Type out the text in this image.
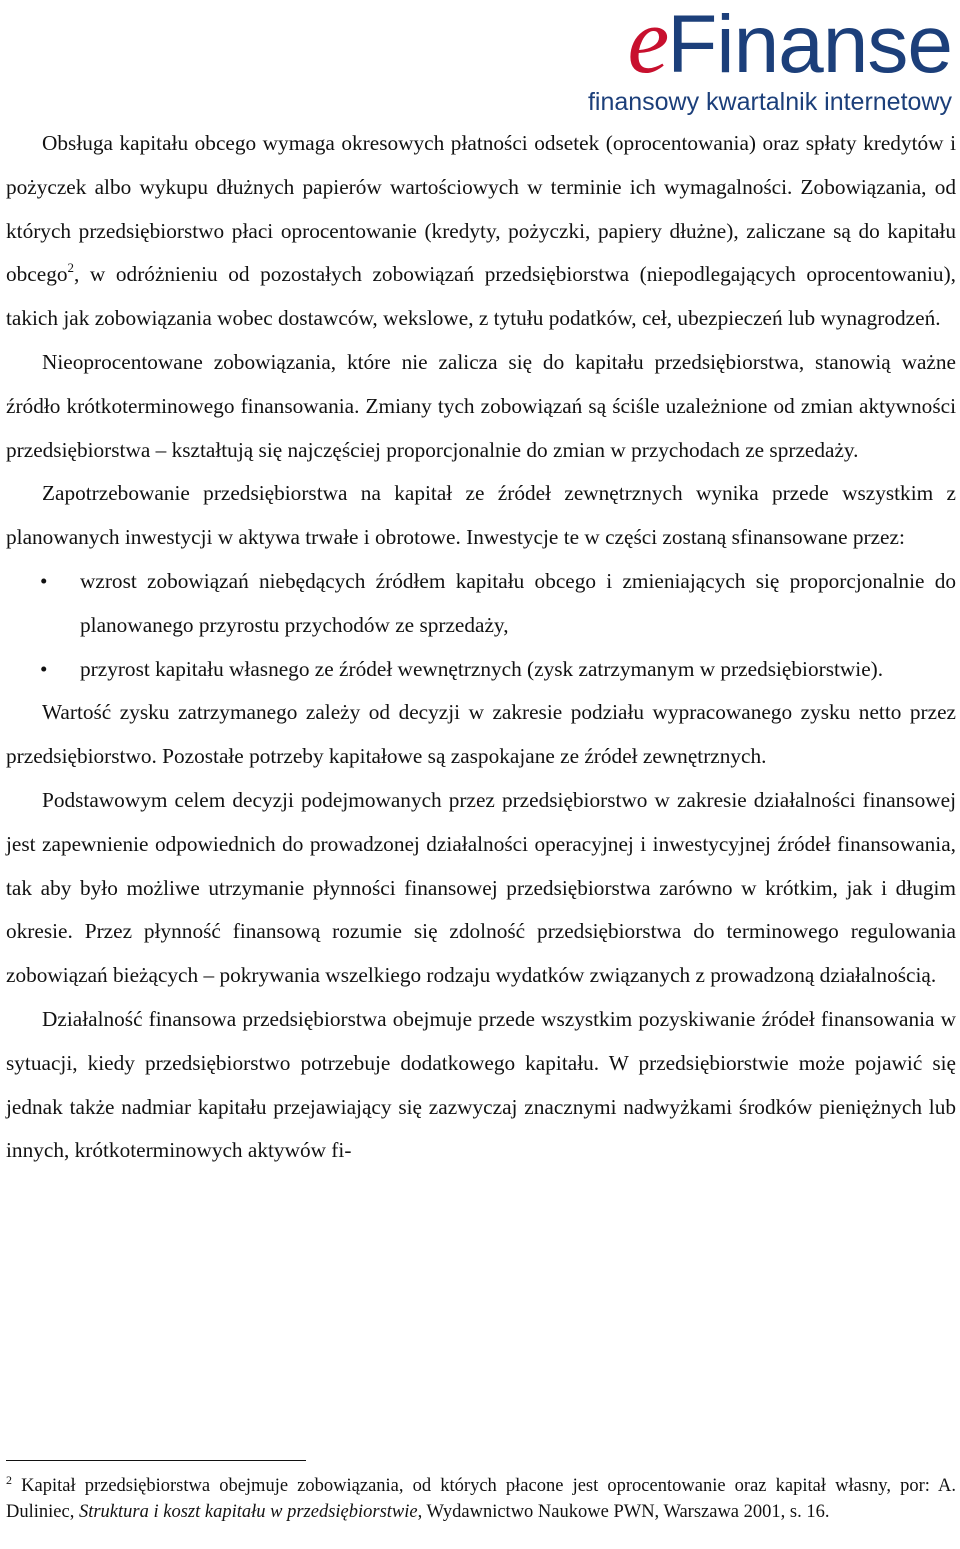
eFinanse
finansowy kwartalnik internetowy

Obsługa kapitału obcego wymaga okresowych płatności odsetek (oprocentowania) oraz spłaty kredytów i pożyczek albo wykupu dłużnych papierów wartościowych w terminie ich wymagalności. Zobowiązania, od których przedsiębiorstwo płaci oprocentowanie (kredyty, pożyczki, papiery dłużne), zaliczane są do kapitału obcego$^2$, w odróżnieniu od pozostałych zobowiązań przedsiębiorstwa (niepodlegających oprocentowaniu), takich jak zobowiązania wobec dostawców, wekslowe, z tytułu podatków, ceł, ubezpieczeń lub wynagrodzeń.

Nieoprocentowane zobowiązania, które nie zalicza się do kapitału przedsiębiorstwa, stanowią ważne źródło krótkoterminowego finansowania. Zmiany tych zobowiązań są ściśle uzależnione od zmian aktywności przedsiębiorstwa – kształtują się najczęściej proporcjonalnie do zmian w przychodach ze sprzedaży.

Zapotrzebowanie przedsiębiorstwa na kapitał ze źródeł zewnętrznych wynika przede wszystkim z planowanych inwestycji w aktywa trwałe i obrotowe. Inwestycje te w części zostaną sfinansowane przez:

• wzrost zobowiązań niebędących źródłem kapitału obcego i zmieniających się proporcjonalnie do planowanego przyrostu przychodów ze sprzedaży,
• przyrost kapitału własnego ze źródeł wewnętrznych (zysk zatrzymanym w przedsiębiorstwie).

Wartość zysku zatrzymanego zależy od decyzji w zakresie podziału wypracowanego zysku netto przez przedsiębiorstwo. Pozostałe potrzeby kapitałowe są zaspokajane ze źródeł zewnętrznych.

Podstawowym celem decyzji podejmowanych przez przedsiębiorstwo w zakresie działalności finansowej jest zapewnienie odpowiednich do prowadzonej działalności operacyjnej i inwestycyjnej źródeł finansowania, tak aby było możliwe utrzymanie płynności finansowej przedsiębiorstwa zarówno w krótkim, jak i długim okresie. Przez płynność finansową rozumie się zdolność przedsiębiorstwa do terminowego regulowania zobowiązań bieżących – pokrywania wszelkiego rodzaju wydatków związanych z prowadzoną działalnością.

Działalność finansowa przedsiębiorstwa obejmuje przede wszystkim pozyskiwanie źródeł finansowania w sytuacji, kiedy przedsiębiorstwo potrzebuje dodatkowego kapitału. W przedsiębiorstwie może pojawić się jednak także nadmiar kapitału przejawiający się zazwyczaj znacznymi nadwyżkami środków pieniężnych lub innych, krótkoterminowych aktywów fi-

$^2$ Kapitał przedsiębiorstwa obejmuje zobowiązania, od których płacone jest oprocentowanie oraz kapitał własny, por: A. Duliniec, Struktura i koszt kapitału w przedsiębiorstwie, Wydawnictwo Naukowe PWN, Warszawa 2001, s. 16.
